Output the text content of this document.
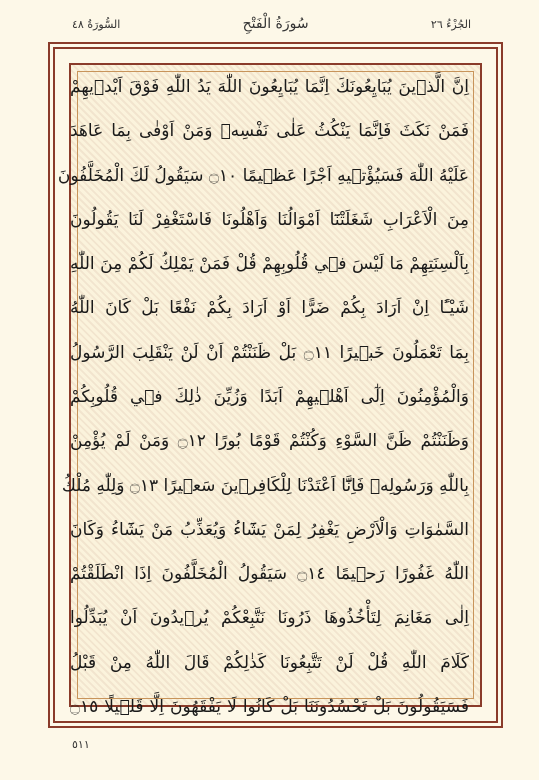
الجُزْءُ ٢٦
سُورَةُ الْفَتْحِ
السُّورَةُ ٤٨
اِنَّ الَّذ۪ينَ يُبَايِعُونَكَ اِنَّمَا يُبَايِعُونَ اللّٰهَ يَدُ اللّٰهِ فَوْقَ اَيْد۪يهِمْ
فَمَنْ نَكَثَ فَاِنَّمَا يَنْكُثُ عَلٰى نَفْسِه۪ وَمَنْ اَوْفٰى بِمَا عَاهَدَ
عَلَيْهُ اللّٰهَ فَسَيُؤْت۪يهِ اَجْرًا عَظ۪يمًا ۝١٠ سَيَقُولُ لَكَ الْمُخَلَّفُونَ
مِنَ الْاَعْرَابِ شَغَلَتْنَٓا اَمْوَالُنَا وَاَهْلُونَا فَاسْتَغْفِرْ لَنَا يَقُولُونَ
بِاَلْسِنَتِهِمْ مَا لَيْسَ ف۪ي قُلُوبِهِمْ قُلْ فَمَنْ يَمْلِكُ لَكُمْ مِنَ اللّٰهِ
شَيْـًٔا اِنْ اَرَادَ بِكُمْ ضَرًّا اَوْ اَرَادَ بِكُمْ نَفْعًا بَلْ كَانَ اللّٰهُ
بِمَا تَعْمَلُونَ خَب۪يرًا ۝١١ بَلْ ظَنَنْتُمْ اَنْ لَنْ يَنْقَلِبَ الرَّسُولُ
وَالْمُؤْمِنُونَ اِلٰٓى اَهْل۪يهِمْ اَبَدًا وَزُيِّنَ ذٰلِكَ ف۪ي قُلُوبِكُمْ
وَظَنَنْتُمْ ظَنَّ السَّوْءِ وَكُنْتُمْ قَوْمًا بُورًا ۝١٢ وَمَنْ لَمْ يُؤْمِنْ
بِاللّٰهِ وَرَسُولِه۪ فَاِنَّٓا اَعْتَدْنَا لِلْكَافِر۪ينَ سَع۪يرًا ۝١٣ وَلِلّٰهِ مُلْكُ
السَّمٰوَاتِ وَالْاَرْضِ يَغْفِرُ لِمَنْ يَشَٓاءُ وَيُعَذِّبُ مَنْ يَشَٓاءُ وَكَانَ
اللّٰهُ غَفُورًا رَح۪يمًا ۝١٤ سَيَقُولُ الْمُخَلَّفُونَ اِذَا انْطَلَقْتُمْ
اِلٰى مَغَانِمَ لِتَأْخُذُوهَا ذَرُونَا نَتَّبِعْكُمْ يُر۪يدُونَ اَنْ يُبَدِّلُوا
كَلَامَ اللّٰهِ قُلْ لَنْ تَتَّبِعُونَا كَذٰلِكُمْ قَالَ اللّٰهُ مِنْ قَبْلُ
فَسَيَقُولُونَ بَلْ تَحْسُدُونَنَا بَلْ كَانُوا لَا يَفْقَهُونَ اِلَّا قَل۪يلًا ۝١٥
٥١١
